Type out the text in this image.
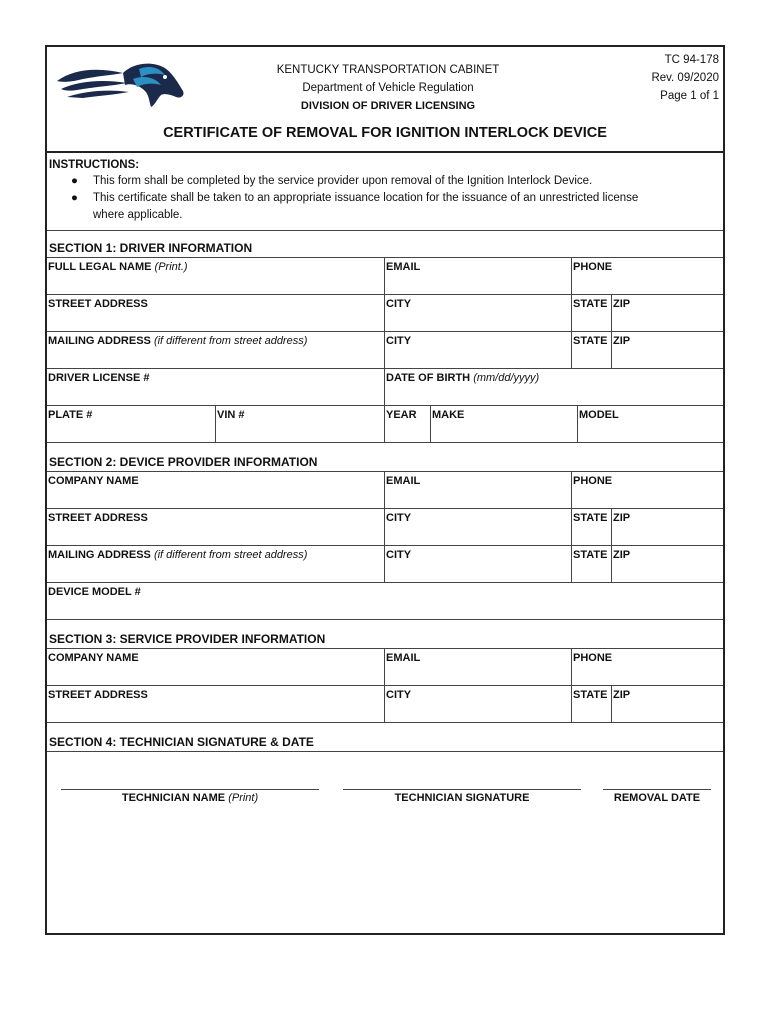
KENTUCKY TRANSPORTATION CABINET
Department of Vehicle Regulation
DIVISION OF DRIVER LICENSING
TC 94-178
Rev. 09/2020
Page 1 of 1
CERTIFICATE OF REMOVAL FOR IGNITION INTERLOCK DEVICE
INSTRUCTIONS:
● This form shall be completed by the service provider upon removal of the Ignition Interlock Device.
● This certificate shall be taken to an appropriate issuance location for the issuance of an unrestricted license
where applicable.
SECTION 1: DRIVER INFORMATION
FULL LEGAL NAME (Print.)	EMAIL	PHONE
STREET ADDRESS	CITY	STATE ZIP
MAILING ADDRESS (if different from street address)	CITY	STATE ZIP
DRIVER LICENSE #	DATE OF BIRTH (mm/dd/yyyy)
PLATE #	VIN #	YEAR MAKE	MODEL
SECTION 2: DEVICE PROVIDER INFORMATION
COMPANY NAME	EMAIL	PHONE
STREET ADDRESS	CITY	STATE ZIP
MAILING ADDRESS (if different from street address)	CITY	STATE ZIP
DEVICE MODEL #
SECTION 3: SERVICE PROVIDER INFORMATION
COMPANY NAME	EMAIL	PHONE
STREET ADDRESS	CITY	STATE ZIP
SECTION 4: TECHNICIAN SIGNATURE & DATE
TECHNICIAN NAME (Print)	TECHNICIAN SIGNATURE	REMOVAL DATE
